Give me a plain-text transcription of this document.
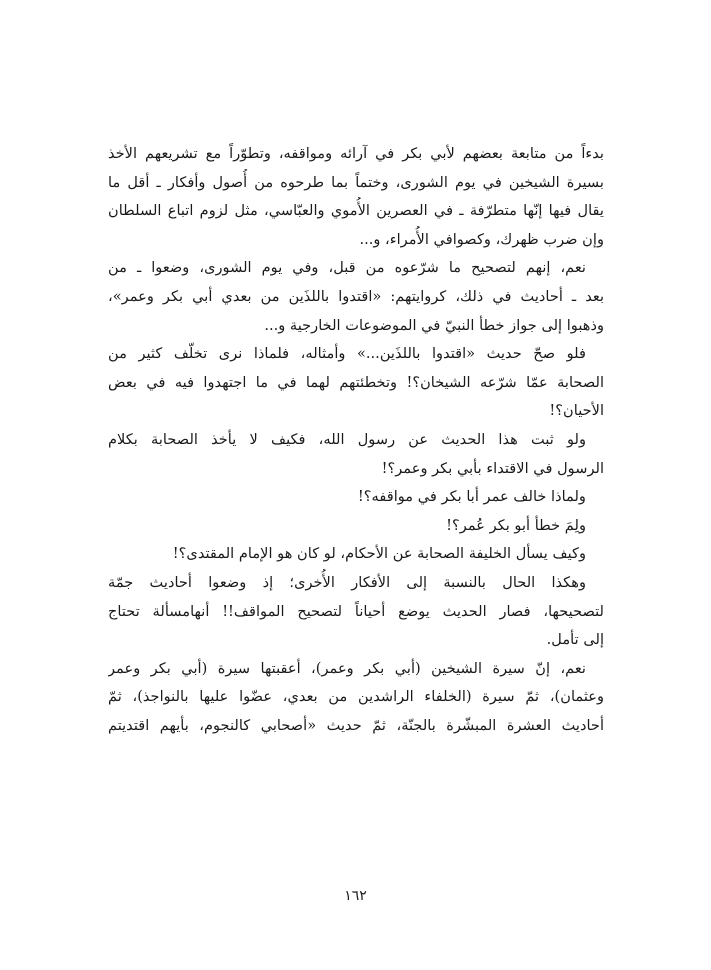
بدءاً من متابعة بعضهم لأبي بكر في آرائه ومواقفه، وتطوّراً مع تشريعهم الأخذ
بسيرة الشيخين في يوم الشورى، وختماً بما طرحوه من أُصول وأفكار ـ أقل ما
يقال فيها إنّها متطرّفة ـ في العصرين الأُموي والعبّاسي، مثل لزوم اتباع السلطان
وإن ضرب ظهرك، وكصوافي الأُمراء، و...
نعم، إنهم لتصحيح ما شرّعوه من قبل، وفي يوم الشورى، وضعوا ـ من
بعد ـ أحاديث في ذلك، كروايتهم: «اقتدوا باللذَين من بعدي أبي بكر وعمر»،
وذهبوا إلى جواز خطأ النبيّ في الموضوعات الخارجية و...
فلو صحّ حديث «اقتدوا باللذَين...» وأمثاله، فلماذا نرى تخلّف كثير من
الصحابة عمّا شرّعه الشيخان؟! وتخطئتهم لهما في ما اجتهدوا فيه في بعض
الأحيان؟!
ولو ثبت هذا الحديث عن رسول الله، فكيف لا يأخذ الصحابة بكلام
الرسول في الاقتداء بأبي بكر وعمر؟!
ولماذا خالف عمر أبا بكر في مواقفه؟!
ولِمَ خطأ أبو بكر عُمر؟!
وكيف يسأل الخليفة الصحابة عن الأحكام، لو كان هو الإمام المقتدى؟!
وهكذا الحال بالنسبة إلى الأفكار الأُخرى؛ إذ وضعوا أحاديث جمّة
لتصحيحها، فصار الحديث يوضع أحياناً لتصحيح المواقف!! أنهامسألة تحتاج
إلى تأمل.
نعم، إنّ سيرة الشيخين (أبي بكر وعمر)، أعقبتها سيرة (أبي بكر وعمر
وعثمان)، ثمّ سيرة (الخلفاء الراشدين من بعدي، عضّوا عليها بالنواجذ)، ثمّ
أحاديث العشرة المبشّرة بالجنّة، ثمّ حديث «أصحابي كالنجوم، بأيهم اقتديتم
١٦٢
